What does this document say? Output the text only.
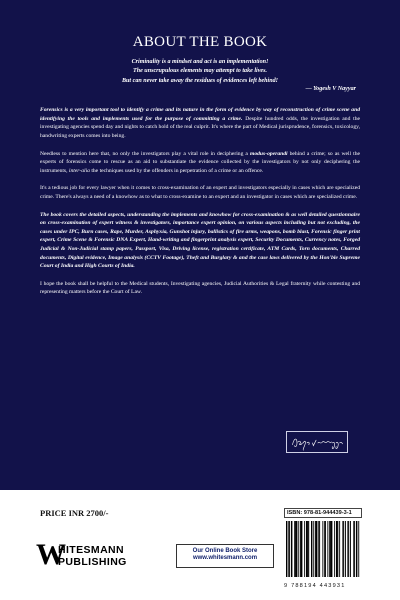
ABOUT THE BOOK
Criminality is a mindset and act is an implementation!
The unscrupulous elements may attempt to take lives.
But can never take away the residues of evidences left behind!
— Yogesh V Nayyar

Forensics is a very important tool to identify a crime and its nature in the form of evidence by way of reconstruction of crime scene and identifying the tools and implements used for the purpose of committing a crime. Despite hundred odds, the investigation and the investigating agencies spend day and nights to catch hold of the real culprit. It's where the part of Medical jurisprudence, forensics, toxicology, handwriting experts comes into being.

Needless to mention here that, no only the investigators play a vital role in deciphering a modus-operandi behind a crime; so as well the experts of forensics come to rescue as an aid to substantiate the evidence collected by the investigators by not only deciphering the instruments, inter-alia the techniques used by the offenders in perpetration of a crime or an offence.

It's a tedious job for every lawyer when it comes to cross-examination of an expert and investigators especially in cases which are specialized crime. There's always a need of a knowhow as to what to cross-examine to an expert and an investigator in cases which are specialized crime.

The book covers the detailed aspects, understanding the implements and knowhow for cross-examination & as well detailed questionnaire on cross-examination of expert witness & investigators, importance expert opinion, on various aspects including but not excluding, the cases under IPC, Burn cases, Rape, Murder, Asphyxia, Gunshot injury, ballistics of fire arms, weapons, bomb blast, Forensic finger print expert, Crime Scene & Forensic DNA Expert, Hand-writing and fingerprint analysis expert, Security Documents, Currency notes, Forged Judicial & Non-Judicial stamp papers, Passport, Visa, Driving license, registration certificate, ATM Cards, Torn documents, Charred documents, Digital evidence, Image analysis (CCTV Footage), Theft and Burglary & and the case laws delivered by the Hon'ble Supreme Court of India and High Courts of India.

I hope the book shall be helpful to the Medical students, Investigating agencies, Judicial Authorities & Legal fraternity while contesting and representing matters before the Court of Law.

PRICE INR 2700/-
W
HITESMANN
PUBLISHING
Our Online Book Store
www.whitesmann.com
ISBN: 978-81-944439-3-1
9 788194 443931
